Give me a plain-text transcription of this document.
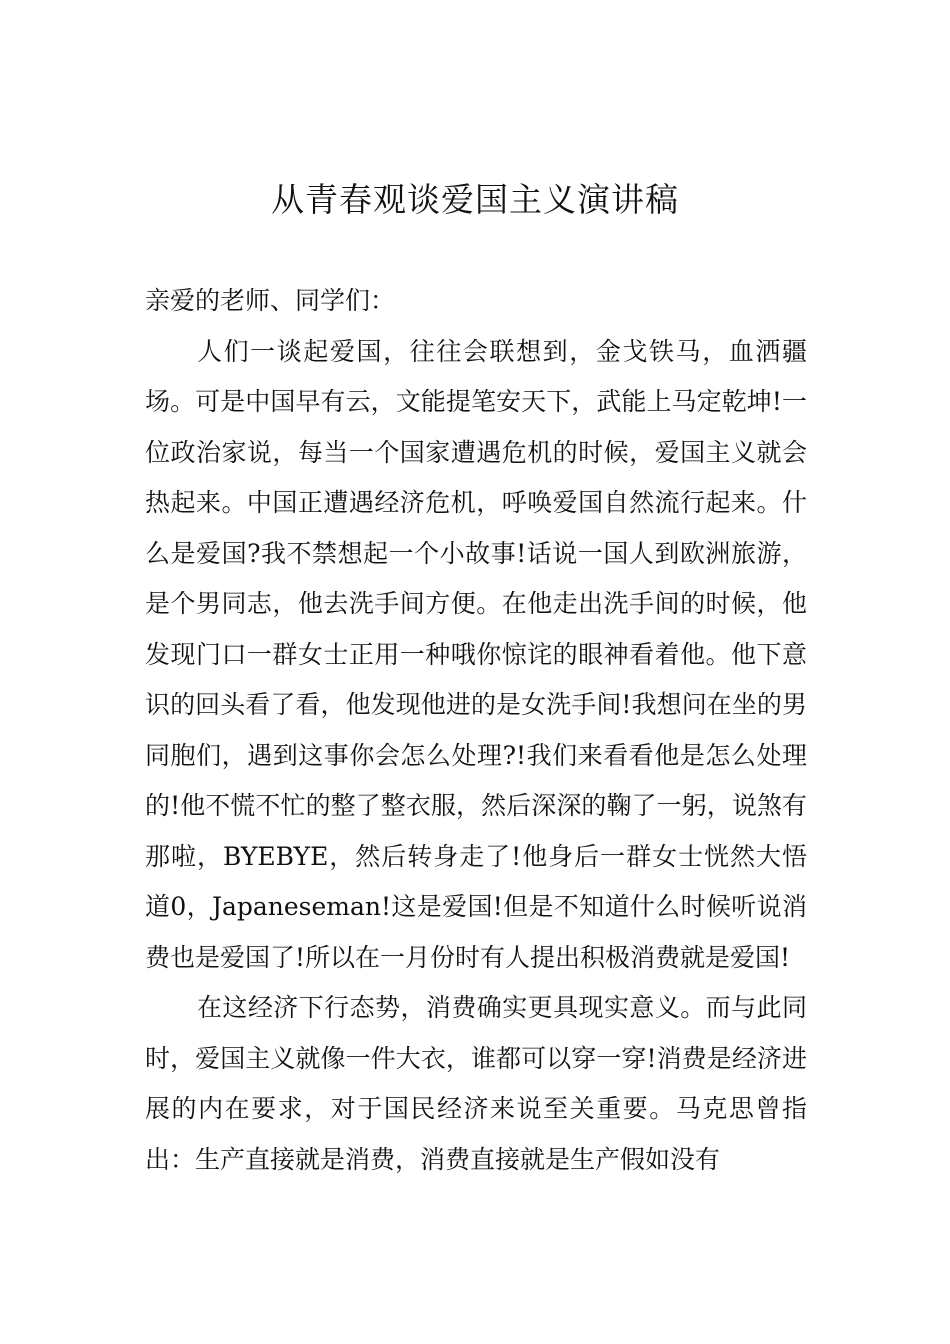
从青春观谈爱国主义演讲稿

亲爱的老师、同学们：

人们一谈起爱国，往往会联想到，金戈铁马，血洒疆场。可是中国早有云，文能提笔安天下，武能上马定乾坤!一位政治家说，每当一个国家遭遇危机的时候，爱国主义就会热起来。中国正遭遇经济危机，呼唤爱国自然流行起来。什么是爱国?我不禁想起一个小故事!话说一国人到欧洲旅游，是个男同志，他去洗手间方便。在他走出洗手间的时候，他发现门口一群女士正用一种哦你惊诧的眼神看着他。他下意识的回头看了看，他发现他进的是女洗手间!我想问在坐的男同胞们，遇到这事你会怎么处理?!我们来看看他是怎么处理的!他不慌不忙的整了整衣服，然后深深的鞠了一躬，说煞有那啦，BYEBYE，然后转身走了!他身后一群女士恍然大悟道0，Japaneseman!这是爱国!但是不知道什么时候听说消费也是爱国了!所以在一月份时有人提出积极消费就是爱国!

在这经济下行态势，消费确实更具现实意义。而与此同时，爱国主义就像一件大衣，谁都可以穿一穿!消费是经济进展的内在要求，对于国民经济来说至关重要。马克思曾指出：生产直接就是消费，消费直接就是生产假如没有
